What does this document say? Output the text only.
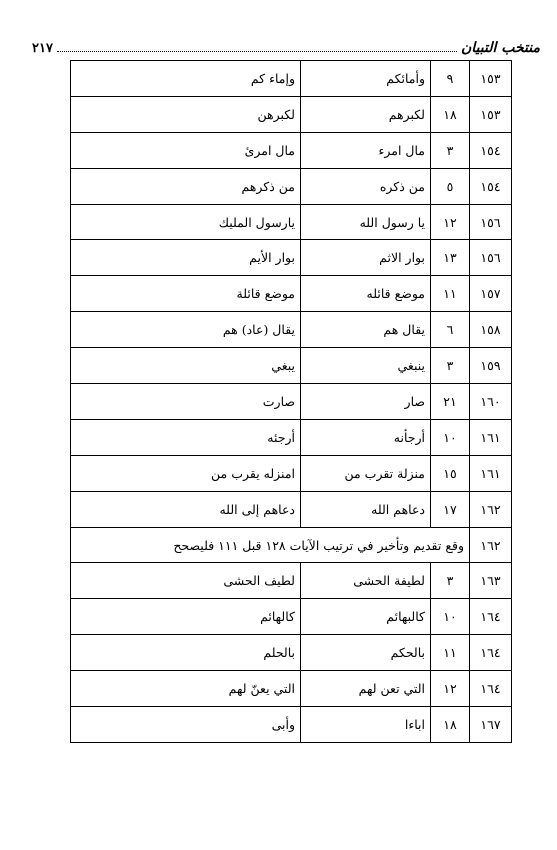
منتخب التبيان
٢١٧
١٥٣	٩	وأمائكم	وإماء كم
١٥٣	١٨	لكبرهم	لكبرهن
١٥٤	٣	مال امرء	مال امرئ
١٥٤	٥	من ذكره	من ذكرهم
١٥٦	١٢	يا رسول الله	يارسول المليك
١٥٦	١٣	بوار الاثم	بوار الأيم
١٥٧	١١	موضع قائله	موضع قائلة
١٥٨	٦	يقال هم	يقال (عاد) هم
١٥٩	٣	ينبغي	يبغي
١٦٠	٢١	صار	صارت
١٦١	١٠	أرجأنه	أرجئه
١٦١	١٥	منزلة تقرب من	امنزله يقرب من
١٦٢	١٧	دعاهم الله	دعاهم إلى الله
١٦٢	وقع تقديم وتأخير في ترتيب الآيات ١٢٨ قبل ١١١ فليصحح		
١٦٣	٣	لطيفة الحشى	لطيف الحشى
١٦٤	١٠	كالبهائم	كالهائم
١٦٤	١١	بالحكم	بالحلم
١٦٤	١٢	التي تعن لهم	التي يعنّ لهم
١٦٧	١٨	اباءا	وأبى
